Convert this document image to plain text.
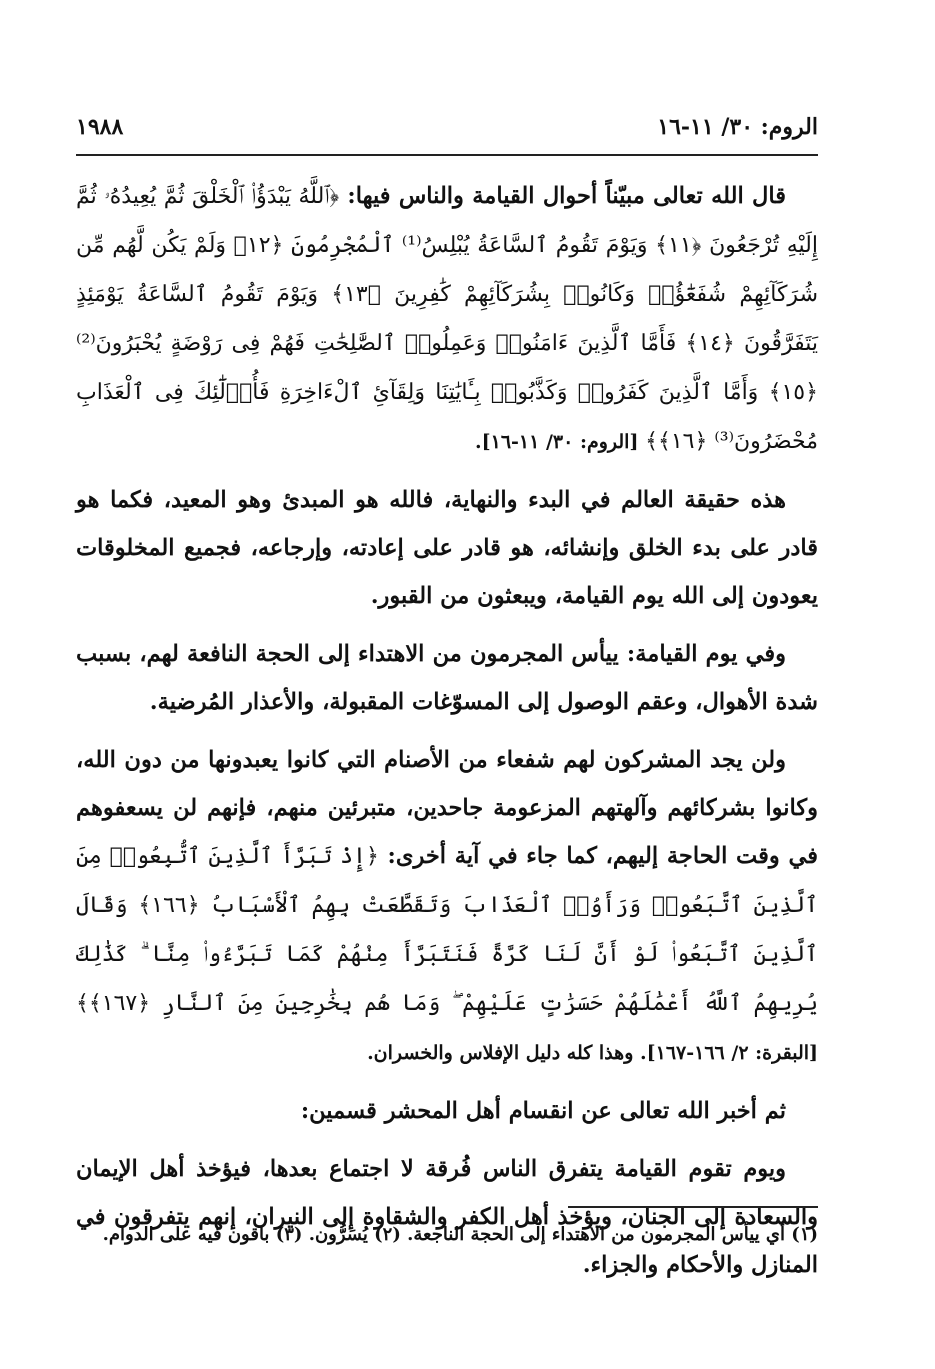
الروم: ٣٠/ ١١-١٦
١٩٨٨

قال الله تعالى مبيّناً أحوال القيامة والناس فيها: ﴿ٱللَّهُ يَبْدَؤُا۟ ٱلْخَلْقَ ثُمَّ يُعِيدُهُۥ ثُمَّ إِلَيْهِ تُرْجَعُونَ ﴿١١﴾ وَيَوْمَ تَقُومُ ٱلسَّاعَةُ يُبْلِسُ⁽¹⁾ ٱلْمُجْرِمُونَ ﴿١٢﴾ وَلَمْ يَكُن لَّهُم مِّن شُرَكَآئِهِمْ شُفَعَٰٓؤُا۟ وَكَانُوا۟ بِشُرَكَآئِهِمْ كَٰفِرِينَ ﴿١٣﴾ وَيَوْمَ تَقُومُ ٱلسَّاعَةُ يَوْمَئِذٍ يَتَفَرَّقُونَ ﴿١٤﴾ فَأَمَّا ٱلَّذِينَ ءَامَنُوا۟ وَعَمِلُوا۟ ٱلصَّٰلِحَٰتِ فَهُمْ فِى رَوْضَةٍ يُحْبَرُونَ⁽²⁾ ﴿١٥﴾ وَأَمَّا ٱلَّذِينَ كَفَرُوا۟ وَكَذَّبُوا۟ بِـَٔايَٰتِنَا وَلِقَآئِ ٱلْءَاخِرَةِ فَأُو۟لَٰٓئِكَ فِى ٱلْعَذَابِ مُحْضَرُونَ⁽³⁾ ﴿١٦﴾﴾ [الروم: ٣٠/ ١١-١٦].

هذه حقيقة العالم في البدء والنهاية، فالله هو المبدئ وهو المعيد، فكما هو قادر على بدء الخلق وإنشائه، هو قادر على إعادته، وإرجاعه، فجميع المخلوقات يعودون إلى الله يوم القيامة، ويبعثون من القبور.

وفي يوم القيامة: ييأس المجرمون من الاهتداء إلى الحجة النافعة لهم، بسبب شدة الأهوال، وعقم الوصول إلى المسوّغات المقبولة، والأعذار المُرضية.

ولن يجد المشركون لهم شفعاء من الأصنام التي كانوا يعبدونها من دون الله، وكانوا بشركائهم وآلهتهم المزعومة جاحدين، متبرئين منهم، فإنهم لن يسعفوهم في وقت الحاجة إليهم، كما جاء في آية أخرى: ﴿إِذْ تَبَرَّأَ ٱلَّذِينَ ٱتُّبِعُوا۟ مِنَ ٱلَّذِينَ ٱتَّبَعُوا۟ وَرَأَوُا۟ ٱلْعَذَابَ وَتَقَطَّعَتْ بِهِمُ ٱلْأَسْبَابُ ﴿١٦٦﴾ وَقَالَ ٱلَّذِينَ ٱتَّبَعُوا۟ لَوْ أَنَّ لَنَا كَرَّةً فَنَتَبَرَّأَ مِنْهُمْ كَمَا تَبَرَّءُوا۟ مِنَّا ۗ كَذَٰلِكَ يُرِيهِمُ ٱللَّهُ أَعْمَٰلَهُمْ حَسَرَٰتٍ عَلَيْهِمْ ۖ وَمَا هُم بِخَٰرِجِينَ مِنَ ٱلنَّارِ ﴿١٦٧﴾﴾ [البقرة: ٢/ ١٦٦-١٦٧]. وهذا كله دليل الإفلاس والخسران.

ثم أخبر الله تعالى عن انقسام أهل المحشر قسمين:

ويوم تقوم القيامة يتفرق الناس فُرقة لا اجتماع بعدها، فيؤخذ أهل الإيمان والسعادة إلى الجنان، ويؤخذ أهل الكفر والشقاوة إلى النيران، إنهم يتفرقون في المنازل والأحكام والجزاء.

(١) أي ييأس المجرمون من الاهتداء إلى الحجة الناجعة. (٢) يُسَرُّون. (٣) باقون فيه على الدوام.
